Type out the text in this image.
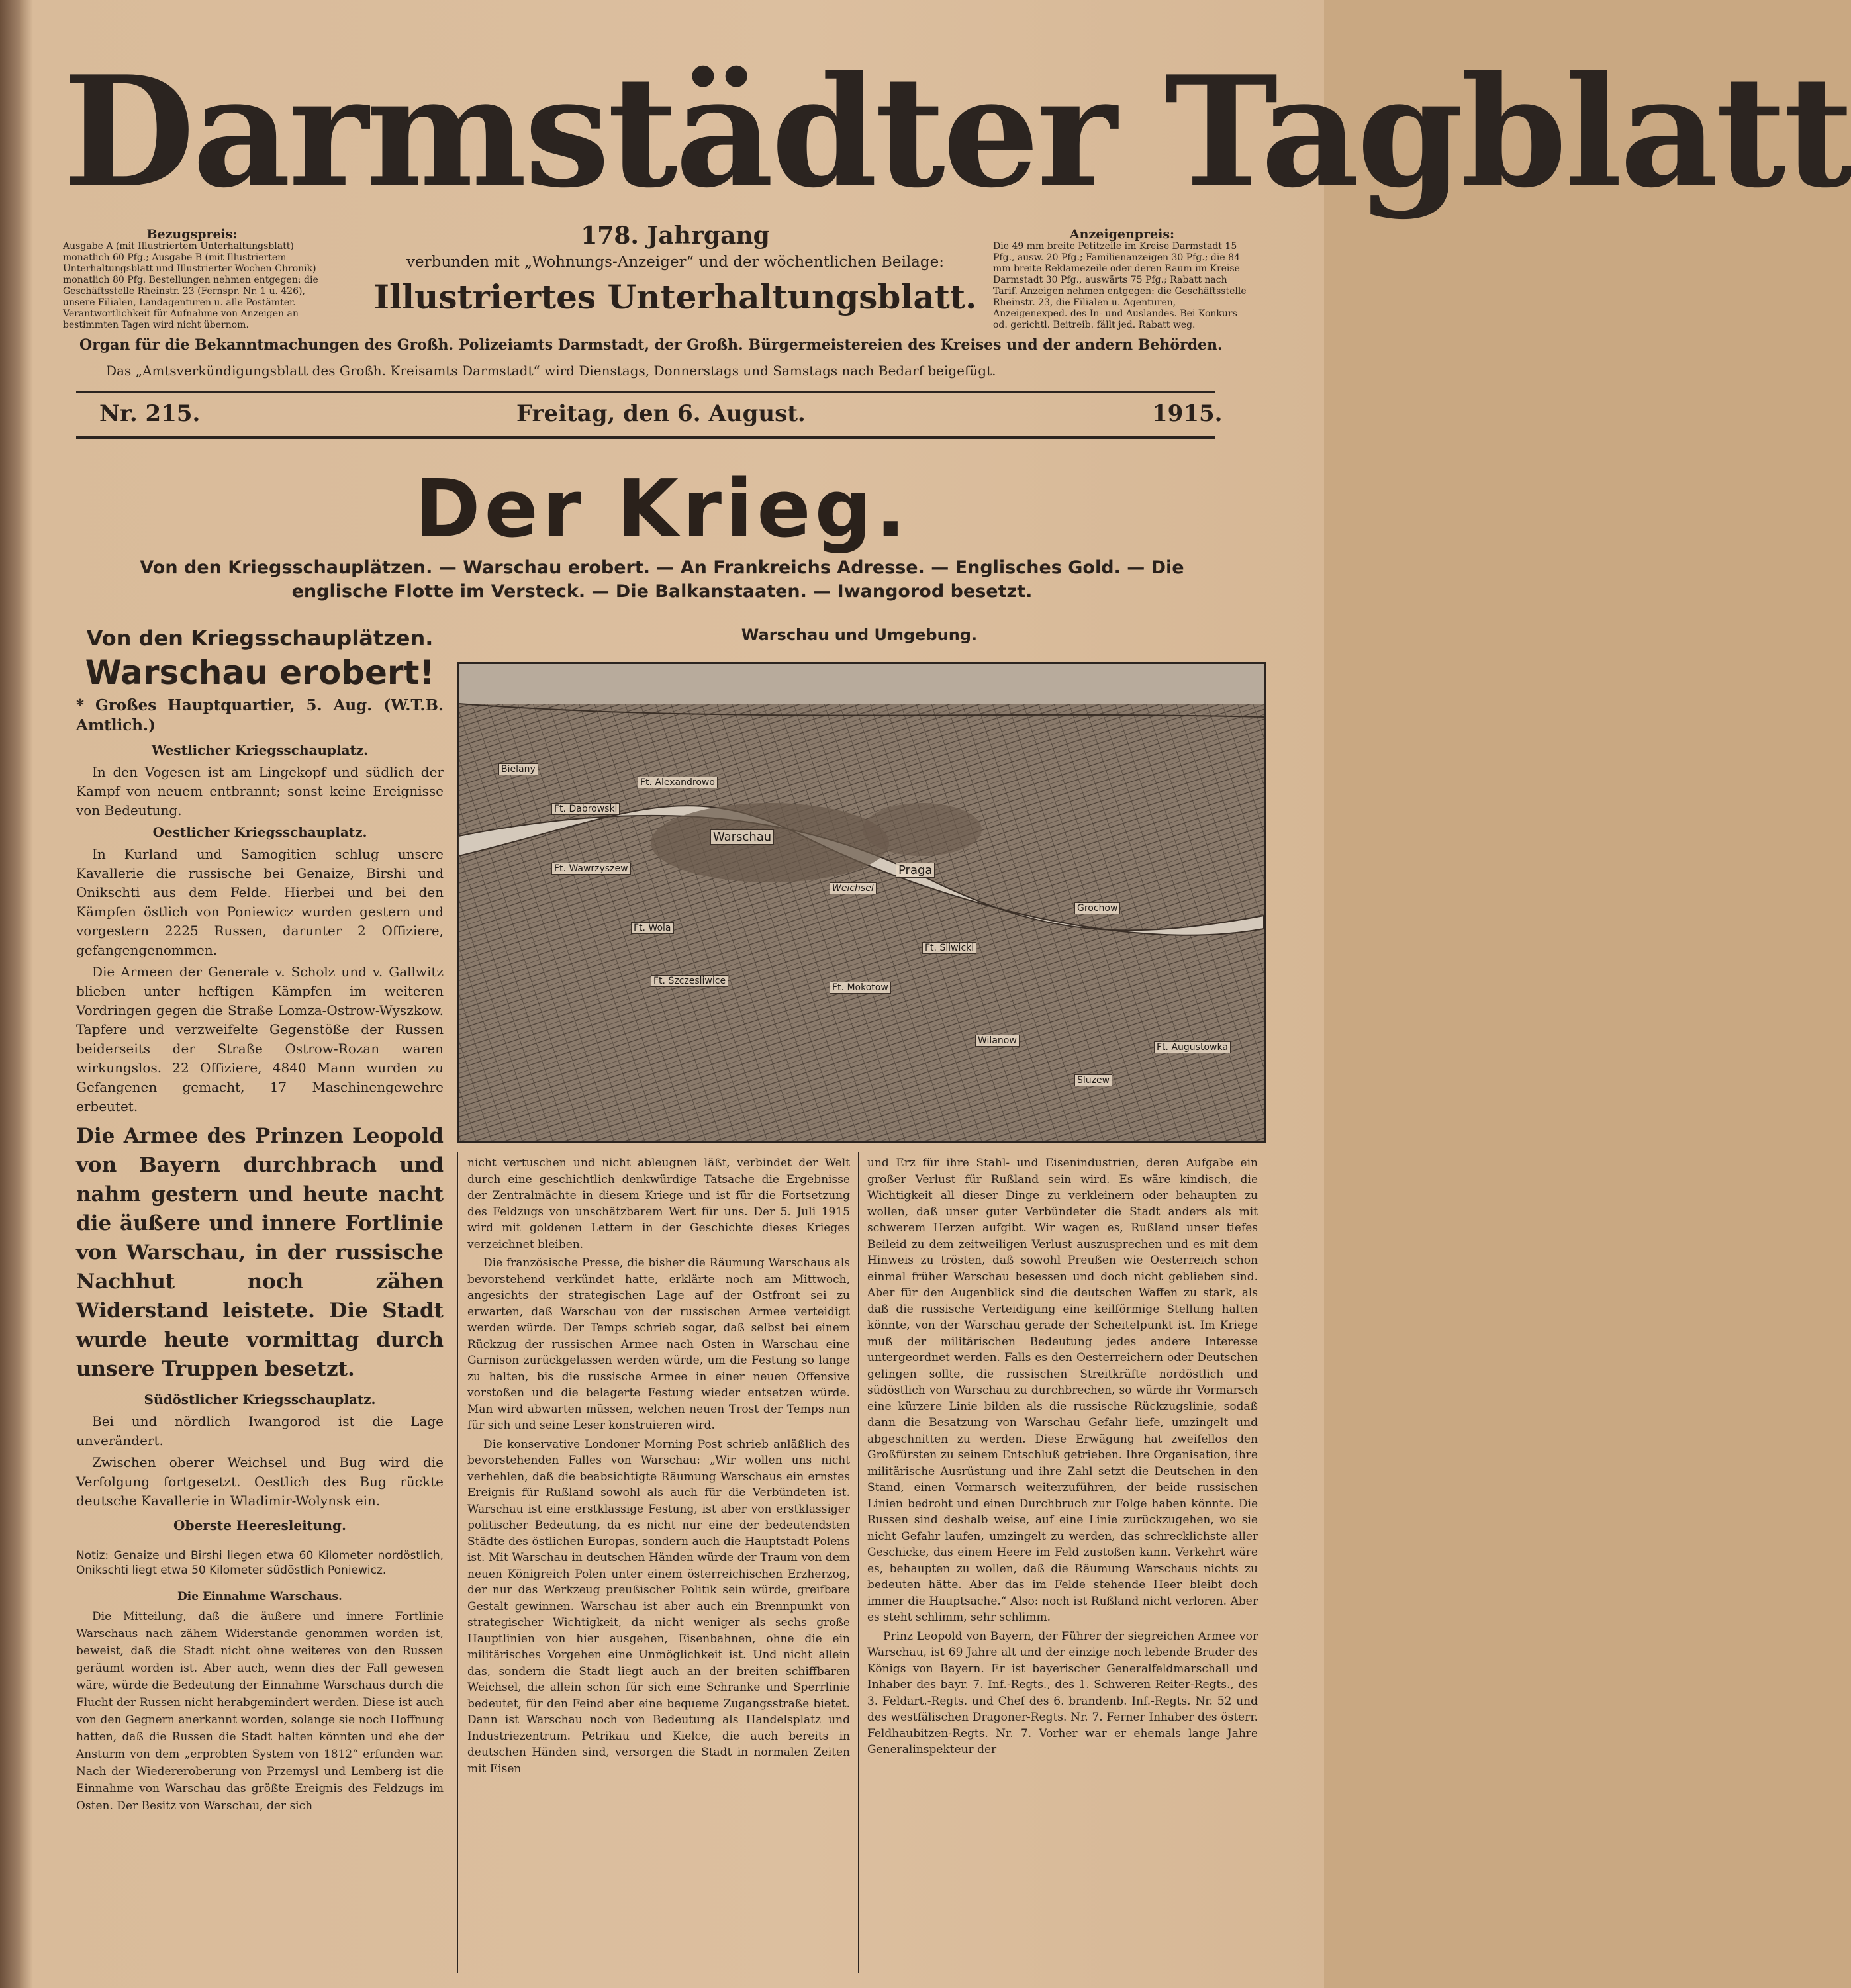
Darmstädter Tagblatt
Bezugspreis:
Ausgabe A (mit Illustriertem Unterhaltungsblatt) monatlich 60 Pfg.; Ausgabe B (mit Illustriertem Unterhaltungsblatt und Illustrierter Wochen-Chronik) monatlich 80 Pfg. Bestellungen nehmen entgegen: die Geschäftsstelle Rheinstr. 23 (Fernspr. Nr. 1 u. 426), unsere Filialen, Landagenturen u. alle Postämter. Verantwortlichkeit für Aufnahme von Anzeigen an bestimmten Tagen wird nicht übernom.
178. Jahrgang
verbunden mit „Wohnungs-Anzeiger“ und der wöchentlichen Beilage:
Illustriertes Unterhaltungsblatt.
Anzeigenpreis:
Die 49 mm breite Petitzeile im Kreise Darmstadt 15 Pfg., ausw. 20 Pfg.; Familienanzeigen 30 Pfg.; die 84 mm breite Reklamezeile oder deren Raum im Kreise Darmstadt 30 Pfg., auswärts 75 Pfg.; Rabatt nach Tarif. Anzeigen nehmen entgegen: die Geschäftsstelle Rheinstr. 23, die Filialen u. Agenturen, Anzeigenexped. des In- und Auslandes. Bei Konkurs od. gerichtl. Beitreib. fällt jed. Rabatt weg.
Organ für die Bekanntmachungen des Großh. Polizeiamts Darmstadt, der Großh. Bürgermeistereien des Kreises und der andern Behörden.
Das „Amtsverkündigungsblatt des Großh. Kreisamts Darmstadt“ wird Dienstags, Donnerstags und Samstags nach Bedarf beigefügt.
Nr. 215.	Freitag, den 6. August.	1915.
Der Krieg.
Von den Kriegsschauplätzen. — Warschau erobert. — An Frankreichs Adresse. — Englisches Gold. — Die englische Flotte im Versteck. — Die Balkanstaaten. — Iwangorod besetzt.
Von den Kriegsschauplätzen.
Warschau erobert!
* Großes Hauptquartier, 5. Aug. (W.T.B. Amtlich.)

Westlicher Kriegsschauplatz.

In den Vogesen ist am Lingekopf und südlich der Kampf von neuem entbrannt; sonst keine Ereignisse von Bedeutung.

Oestlicher Kriegsschauplatz.

In Kurland und Samogitien schlug unsere Kavallerie die russische bei Genaize, Birshi und Onikschti aus dem Felde. Hierbei und bei den Kämpfen östlich von Poniewicz wurden gestern und vorgestern 2225 Russen, darunter 2 Offiziere, gefangengenommen.

Die Armeen der Generale v. Scholz und v. Gallwitz blieben unter heftigen Kämpfen im weiteren Vordringen gegen die Straße Lomza-Ostrow-Wyszkow. Tapfere und verzweifelte Gegenstöße der Russen beiderseits der Straße Ostrow-Rozan waren wirkungslos. 22 Offiziere, 4840 Mann wurden zu Gefangenen gemacht, 17 Maschinengewehre erbeutet.

Die Armee des Prinzen Leopold von Bayern durchbrach und nahm gestern und heute nacht die äußere und innere Fortlinie von Warschau, in der russische Nachhut noch zähen Widerstand leistete. Die Stadt wurde heute vormittag durch unsere Truppen besetzt.

Südöstlicher Kriegsschauplatz.

Bei und nördlich Iwangorod ist die Lage unverändert.

Zwischen oberer Weichsel und Bug wird die Verfolgung fortgesetzt. Oestlich des Bug rückte deutsche Kavallerie in Wladimir-Wolynsk ein.

Oberste Heeresleitung.

Notiz: Genaize und Birshi liegen etwa 60 Kilometer nordöstlich, Onikschti liegt etwa 50 Kilometer südöstlich Poniewicz.

Die Einnahme Warschaus.

Die Mitteilung, daß die äußere und innere Fortlinie Warschaus nach zähem Widerstande genommen worden ist, beweist, daß die Stadt nicht ohne weiteres von den Russen geräumt worden ist. Aber auch, wenn dies der Fall gewesen wäre, würde die Bedeutung der Einnahme Warschaus durch die Flucht der Russen nicht herabgemindert werden. Diese ist auch von den Gegnern anerkannt worden, solange sie noch Hoffnung hatten, daß die Russen die Stadt halten könnten und ehe der Ansturm von dem „erprobten System von 1812“ erfunden war. Nach der Wiedereroberung von Przemysl und Lemberg ist die Einnahme von Warschau das größte Ereignis des Feldzugs im Osten. Der Besitz von Warschau, der sich

Warschau und Umgebung.
Ft. Alexandrowo
Warschau
Praga
Ft. Mokotow
Ft. Sliwicki
Ft. Wawrzyszew
Ft. Augustowka
Ft. Wola
Ft. Szczesliwice
Sluzew
Wilanow
Ft. Dabrowski
Grochow
Weichsel
Bielany

nicht vertuschen und nicht ableugnen läßt, verbindet der Welt durch eine geschichtlich denkwürdige Tatsache die Ergebnisse der Zentralmächte in diesem Kriege und ist für die Fortsetzung des Feldzugs von unschätzbarem Wert für uns. Der 5. Juli 1915 wird mit goldenen Lettern in der Geschichte dieses Krieges verzeichnet bleiben.

Die französische Presse, die bisher die Räumung Warschaus als bevorstehend verkündet hatte, erklärte noch am Mittwoch, angesichts der strategischen Lage auf der Ostfront sei zu erwarten, daß Warschau von der russischen Armee verteidigt werden würde. Der Temps schrieb sogar, daß selbst bei einem Rückzug der russischen Armee nach Osten in Warschau eine Garnison zurückgelassen werden würde, um die Festung so lange zu halten, bis die russische Armee in einer neuen Offensive vorstoßen und die belagerte Festung wieder entsetzen würde. Man wird abwarten müssen, welchen neuen Trost der Temps nun für sich und seine Leser konstruieren wird.

Die konservative Londoner Morning Post schrieb anläßlich des bevorstehenden Falles von Warschau: „Wir wollen uns nicht verhehlen, daß die beabsichtigte Räumung Warschaus ein ernstes Ereignis für Rußland sowohl als auch für die Verbündeten ist. Warschau ist eine erstklassige Festung, ist aber von erstklassiger politischer Bedeutung, da es nicht nur eine der bedeutendsten Städte des östlichen Europas, sondern auch die Hauptstadt Polens ist. Mit Warschau in deutschen Händen würde der Traum von dem neuen Königreich Polen unter einem österreichischen Erzherzog, der nur das Werkzeug preußischer Politik sein würde, greifbare Gestalt gewinnen. Warschau ist aber auch ein Brennpunkt von strategischer Wichtigkeit, da nicht weniger als sechs große Hauptlinien von hier ausgehen, Eisenbahnen, ohne die ein militärisches Vorgehen eine Unmöglichkeit ist. Und nicht allein das, sondern die Stadt liegt auch an der breiten schiffbaren Weichsel, die allein schon für sich eine Schranke und Sperrlinie bedeutet, für den Feind aber eine bequeme Zugangsstraße bietet. Dann ist Warschau noch von Bedeutung als Handelsplatz und Industriezentrum. Petrikau und Kielce, die auch bereits in deutschen Händen sind, versorgen die Stadt in normalen Zeiten mit Eisen

und Erz für ihre Stahl- und Eisenindustrien, deren Aufgabe ein großer Verlust für Rußland sein wird. Es wäre kindisch, die Wichtigkeit all dieser Dinge zu verkleinern oder behaupten zu wollen, daß unser guter Verbündeter die Stadt anders als mit schwerem Herzen aufgibt. Wir wagen es, Rußland unser tiefes Beileid zu dem zeitweiligen Verlust auszusprechen und es mit dem Hinweis zu trösten, daß sowohl Preußen wie Oesterreich schon einmal früher Warschau besessen und doch nicht geblieben sind. Aber für den Augenblick sind die deutschen Waffen zu stark, als daß die russische Verteidigung eine keilförmige Stellung halten könnte, von der Warschau gerade der Scheitelpunkt ist. Im Kriege muß der militärischen Bedeutung jedes andere Interesse untergeordnet werden. Falls es den Oesterreichern oder Deutschen gelingen sollte, die russischen Streitkräfte nordöstlich und südöstlich von Warschau zu durchbrechen, so würde ihr Vormarsch eine kürzere Linie bilden als die russische Rückzugslinie, sodaß dann die Besatzung von Warschau Gefahr liefe, umzingelt und abgeschnitten zu werden. Diese Erwägung hat zweifellos den Großfürsten zu seinem Entschluß getrieben. Ihre Organisation, ihre militärische Ausrüstung und ihre Zahl setzt die Deutschen in den Stand, einen Vormarsch weiterzuführen, der beide russischen Linien bedroht und einen Durchbruch zur Folge haben könnte. Die Russen sind deshalb weise, auf eine Linie zurückzugehen, wo sie nicht Gefahr laufen, umzingelt zu werden, das schrecklichste aller Geschicke, das einem Heere im Feld zustoßen kann. Verkehrt wäre es, behaupten zu wollen, daß die Räumung Warschaus nichts zu bedeuten hätte. Aber das im Felde stehende Heer bleibt doch immer die Hauptsache.“ Also: noch ist Rußland nicht verloren. Aber es steht schlimm, sehr schlimm.

Prinz Leopold von Bayern, der Führer der siegreichen Armee vor Warschau, ist 69 Jahre alt und der einzige noch lebende Bruder des Königs von Bayern. Er ist bayerischer Generalfeldmarschall und Inhaber des bayr. 7. Inf.-Regts., des 1. Schweren Reiter-Regts., des 3. Feldart.-Regts. und Chef des 6. brandenb. Inf.-Regts. Nr. 52 und des westfälischen Dragoner-Regts. Nr. 7. Ferner Inhaber des österr. Feldhaubitzen-Regts. Nr. 7. Vorher war er ehemals lange Jahre Generalinspekteur der
